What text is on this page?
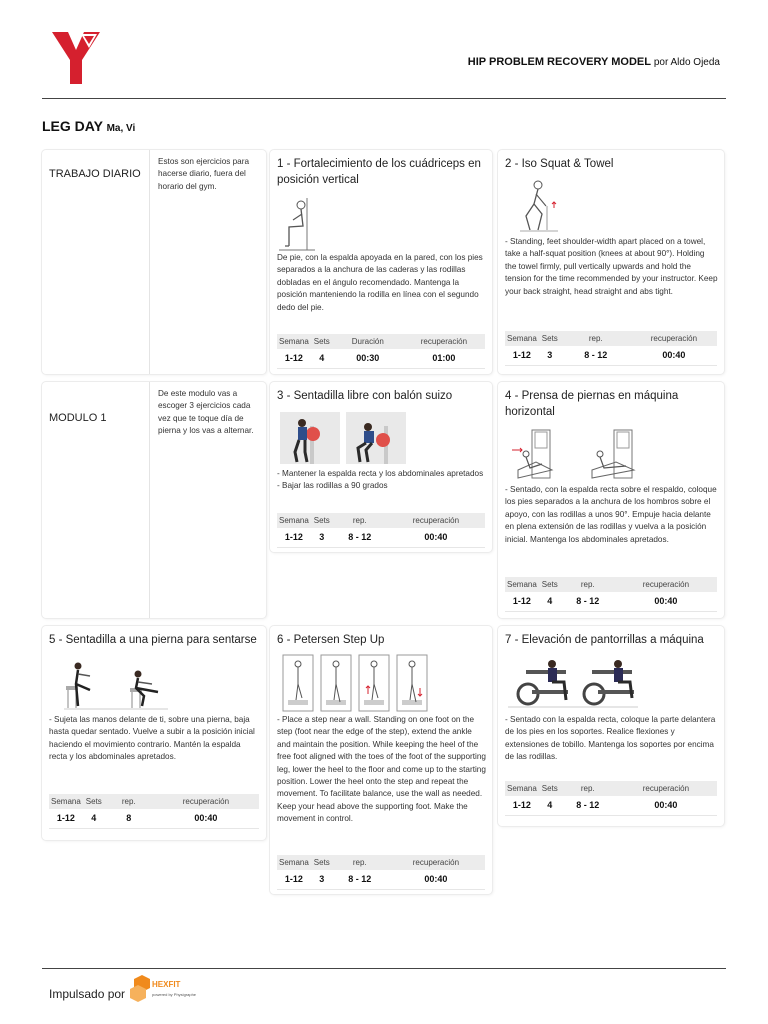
HIP PROBLEM RECOVERY MODEL por Aldo Ojeda
LEG DAY Ma, Vi
TRABAJO DIARIO
Estos son ejercicios para hacerse diario, fuera del horario del gym.
1 - Fortalecimiento de los cuádriceps en posición vertical
De pie, con la espalda apoyada en la pared, con los pies separados a la anchura de las caderas y las rodillas dobladas en el ángulo recomendado. Mantenga la posición manteniendo la rodilla en línea con el segundo dedo del pie.
Semana	Sets	Duración	recuperación
1-12	4	00:30	01:00
2 - Iso Squat & Towel
- Standing, feet shoulder-width apart placed on a towel, take a half-squat position (knees at about 90°). Holding the towel firmly, pull vertically upwards and hold the tension for the time recommended by your instructor. Keep your back straight, head straight and abs tight.
Semana	Sets	rep.	recuperación
1-12	3	8 - 12	00:40
MODULO 1
De este modulo vas a escoger 3 ejercicios cada vez que te toque día de pierna y los vas a alternar.
3 - Sentadilla libre con balón suizo
- Mantener la espalda recta y los abdominales apretados - Bajar las rodillas a 90 grados
Semana	Sets	rep.	recuperación
1-12	3	8 - 12	00:40
4 - Prensa de piernas en máquina horizontal
- Sentado, con la espalda recta sobre el respaldo, coloque los pies separados a la anchura de los hombros sobre el apoyo, con las rodillas a unos 90°. Empuje hacia delante en plena extensión de las rodillas y vuelva a la posición inicial. Mantenga los abdominales apretados.
Semana	Sets	rep.	recuperación
1-12	4	8 - 12	00:40
5 - Sentadilla a una pierna para sentarse
- Sujeta las manos delante de ti, sobre una pierna, baja hasta quedar sentado. Vuelve a subir a la posición inicial haciendo el movimiento contrario. Mantén la espalda recta y los abdominales apretados.
Semana	Sets	rep.	recuperación
1-12	4	8	00:40
6 - Petersen Step Up
- Place a step near a wall. Standing on one foot on the step (foot near the edge of the step), extend the ankle and maintain the position. While keeping the heel of the free foot aligned with the toes of the foot of the supporting leg, lower the heel to the floor and come up to the starting position. Lower the heel onto the step and repeat the movement. To facilitate balance, use the wall as needed. Keep your head above the supporting foot. Make the movement in control.
Semana	Sets	rep.	recuperación
1-12	3	8 - 12	00:40
7 - Elevación de pantorrillas a máquina
- Sentado con la espalda recta, coloque la parte delantera de los pies en los soportes. Realice flexiones y extensiones de tobillo. Mantenga los soportes por encima de las rodillas.
Semana	Sets	rep.	recuperación
1-12	4	8 - 12	00:40
Impulsado por
HEXFIT
powered by Physigraphe
